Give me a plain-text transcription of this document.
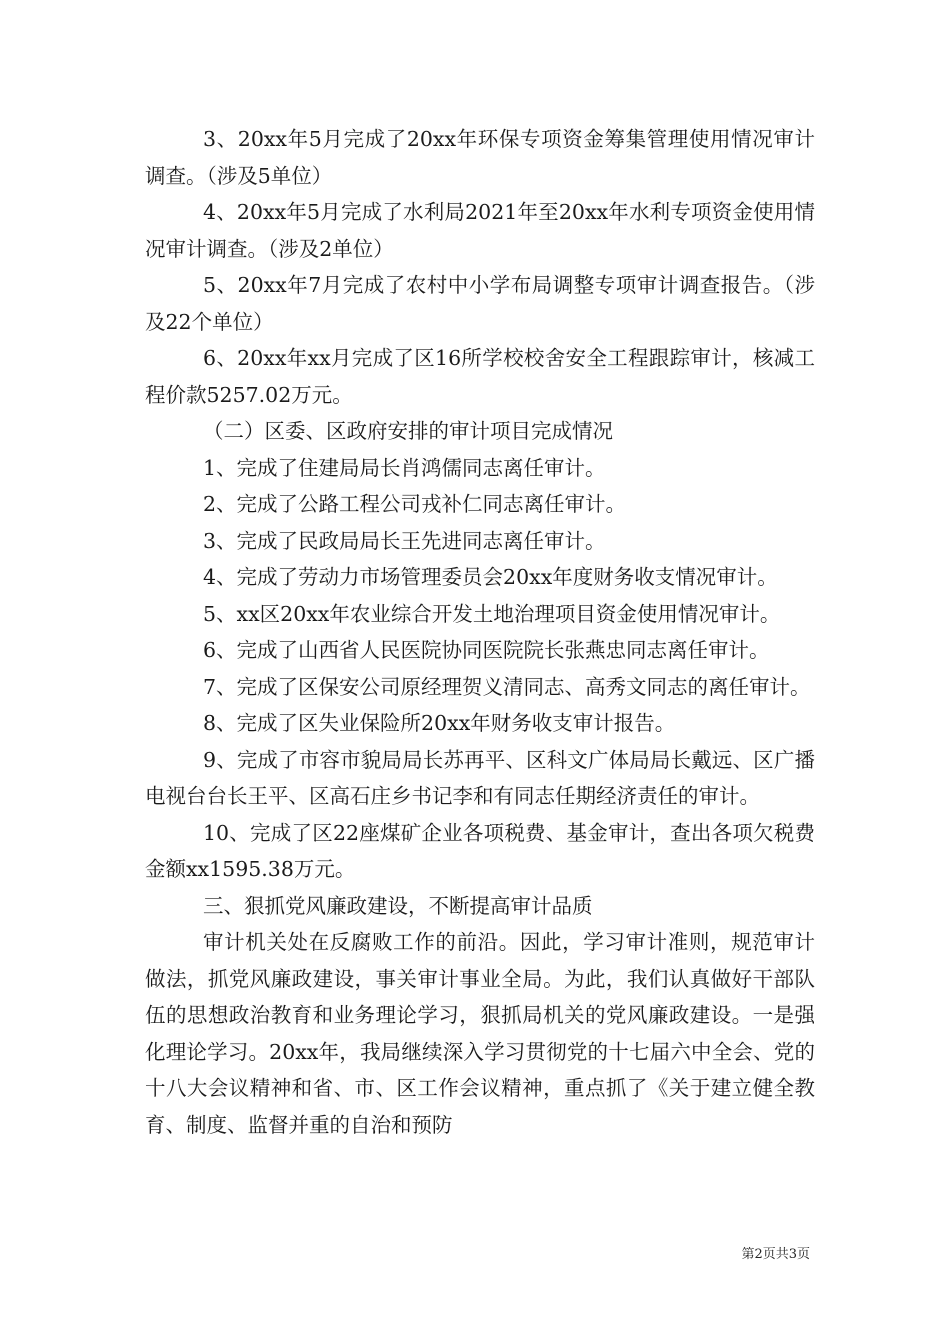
3、20xx年5月完成了20xx年环保专项资金筹集管理使用情况审计调查。（涉及5单位）

4、20xx年5月完成了水利局2021年至20xx年水利专项资金使用情况审计调查。（涉及2单位）

5、20xx年7月完成了农村中小学布局调整专项审计调查报告。（涉及22个单位）

6、20xx年xx月完成了区16所学校校舍安全工程跟踪审计，核减工程价款5257.02万元。

（二）区委、区政府安排的审计项目完成情况

1、完成了住建局局长肖鸿儒同志离任审计。

2、完成了公路工程公司戎补仁同志离任审计。

3、完成了民政局局长王先进同志离任审计。

4、完成了劳动力市场管理委员会20xx年度财务收支情况审计。

5、xx区20xx年农业综合开发土地治理项目资金使用情况审计。

6、完成了山西省人民医院协同医院院长张燕忠同志离任审计。

7、完成了区保安公司原经理贺义清同志、高秀文同志的离任审计。

8、完成了区失业保险所20xx年财务收支审计报告。

9、完成了市容市貌局局长苏再平、区科文广体局局长戴远、区广播电视台台长王平、区高石庄乡书记李和有同志任期经济责任的审计。

10、完成了区22座煤矿企业各项税费、基金审计，查出各项欠税费金额xx1595.38万元。

三、狠抓党风廉政建设，不断提高审计品质

审计机关处在反腐败工作的前沿。因此，学习审计准则，规范审计做法，抓党风廉政建设，事关审计事业全局。为此，我们认真做好干部队伍的思想政治教育和业务理论学习，狠抓局机关的党风廉政建设。一是强化理论学习。20xx年，我局继续深入学习贯彻党的十七届六中全会、党的十八大会议精神和省、市、区工作会议精神，重点抓了《关于建立健全教育、制度、监督并重的自治和预防

第2页共3页
